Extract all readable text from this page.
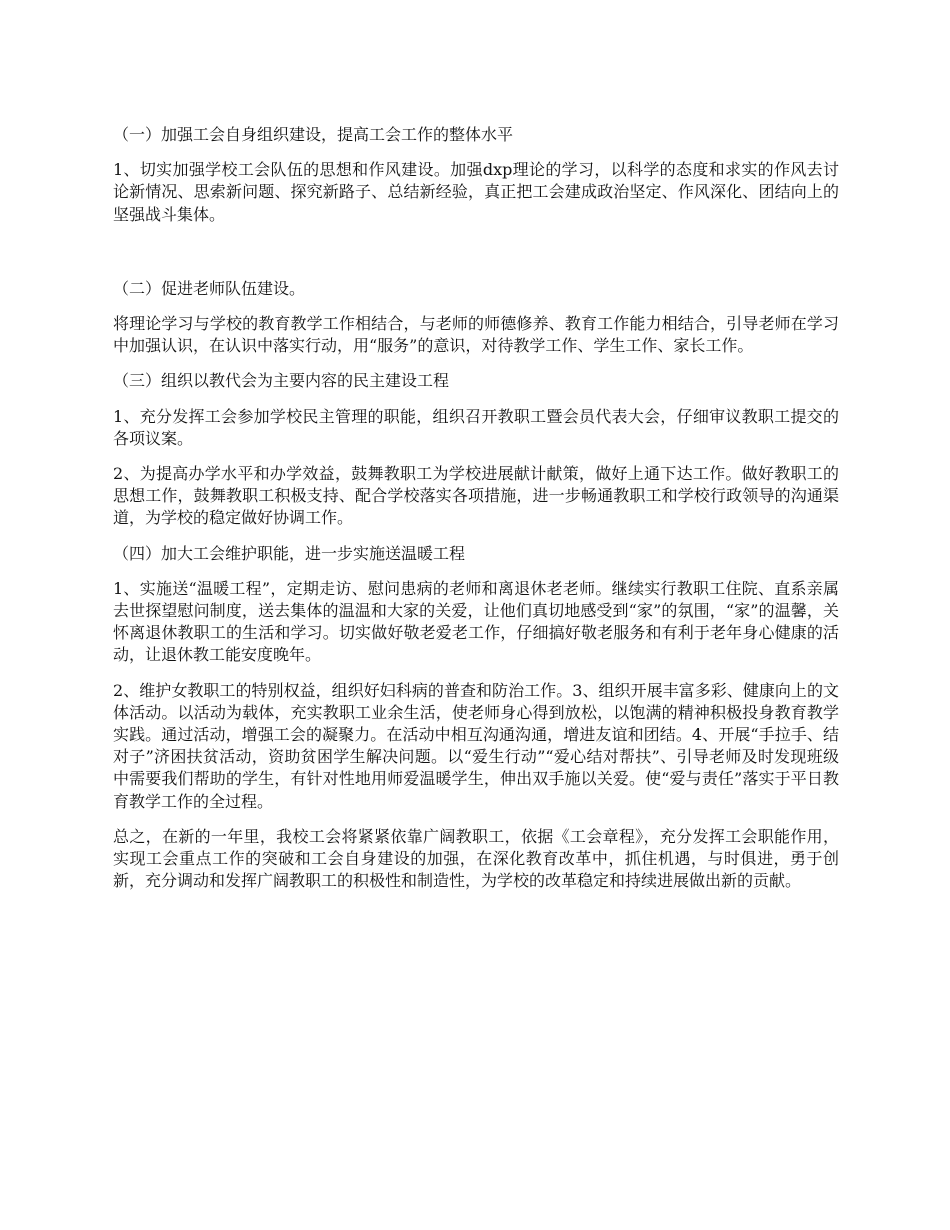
（一）加强工会自身组织建设，提高工会工作的整体水平

1、切实加强学校工会队伍的思想和作风建设。加强dxp理论的学习，以科学的态度和求实的作风去讨论新情况、思索新问题、探究新路子、总结新经验，真正把工会建成政治坚定、作风深化、团结向上的坚强战斗集体。

（二）促进老师队伍建设。

将理论学习与学校的教育教学工作相结合，与老师的师德修养、教育工作能力相结合，引导老师在学习中加强认识，在认识中落实行动，用“服务”的意识，对待教学工作、学生工作、家长工作。

（三）组织以教代会为主要内容的民主建设工程

1、充分发挥工会参加学校民主管理的职能，组织召开教职工暨会员代表大会，仔细审议教职工提交的各项议案。

2、为提高办学水平和办学效益，鼓舞教职工为学校进展献计献策，做好上通下达工作。做好教职工的思想工作，鼓舞教职工积极支持、配合学校落实各项措施，进一步畅通教职工和学校行政领导的沟通渠道，为学校的稳定做好协调工作。

（四）加大工会维护职能，进一步实施送温暖工程

1、实施送“温暖工程”，定期走访、慰问患病的老师和离退休老老师。继续实行教职工住院、直系亲属去世探望慰问制度，送去集体的温温和大家的关爱，让他们真切地感受到“家”的氛围，“家”的温馨，关怀离退休教职工的生活和学习。切实做好敬老爱老工作，仔细搞好敬老服务和有利于老年身心健康的活动，让退休教工能安度晚年。

2、维护女教职工的特别权益，组织好妇科病的普查和防治工作。3、组织开展丰富多彩、健康向上的文体活动。以活动为载体，充实教职工业余生活，使老师身心得到放松，以饱满的精神积极投身教育教学实践。通过活动，增强工会的凝聚力。在活动中相互沟通沟通，增进友谊和团结。4、开展“手拉手、结对子”济困扶贫活动，资助贫困学生解决问题。以“爱生行动”“爱心结对帮扶”、引导老师及时发现班级中需要我们帮助的学生，有针对性地用师爱温暖学生，伸出双手施以关爱。使“爱与责任”落实于平日教育教学工作的全过程。

总之，在新的一年里，我校工会将紧紧依靠广阔教职工，依据《工会章程》，充分发挥工会职能作用，实现工会重点工作的突破和工会自身建设的加强，在深化教育改革中，抓住机遇，与时俱进，勇于创新，充分调动和发挥广阔教职工的积极性和制造性，为学校的改革稳定和持续进展做出新的贡献。
